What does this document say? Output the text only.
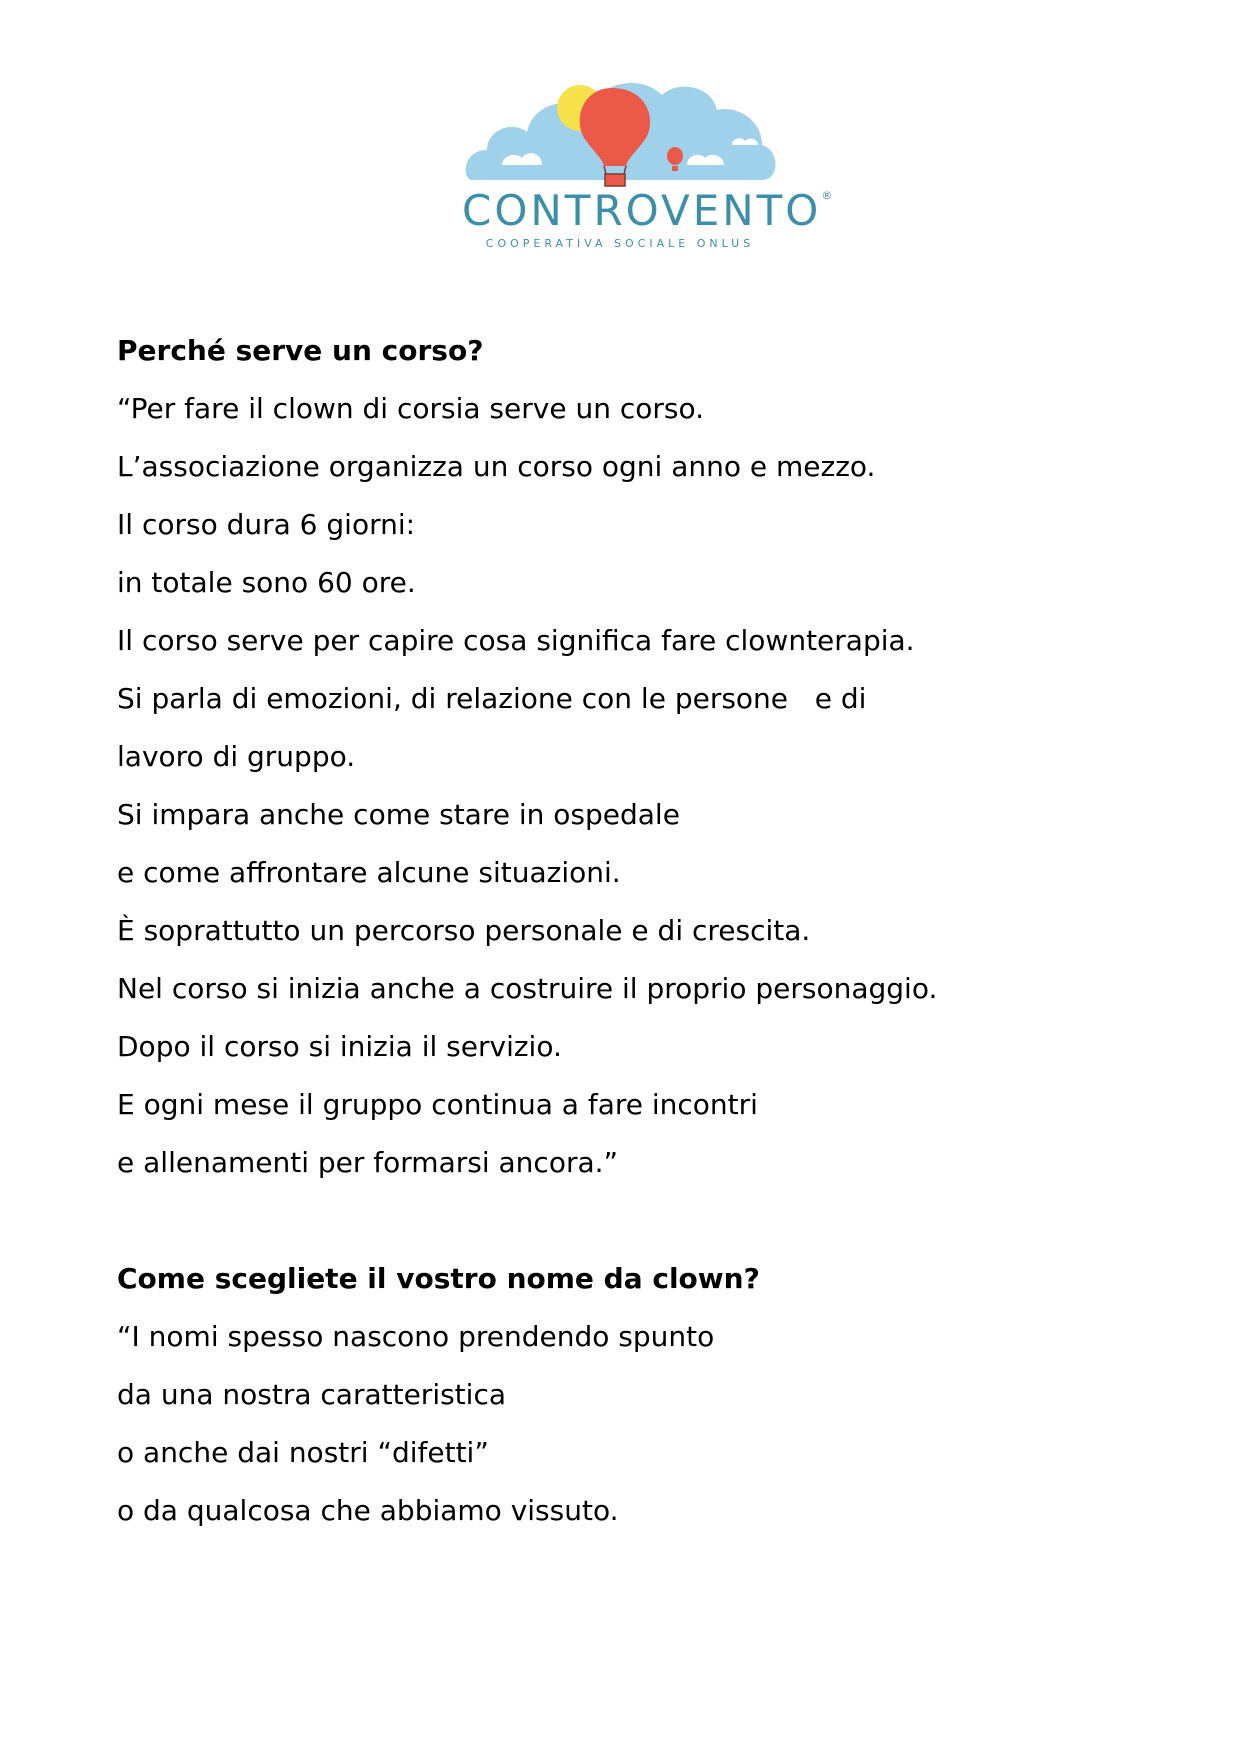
CONTROVENTO®
COOPERATIVA SOCIALE ONLUS
Perché serve un corso?
“Per fare il clown di corsia serve un corso.
L’associazione organizza un corso ogni anno e mezzo.
Il corso dura 6 giorni:
in totale sono 60 ore.
Il corso serve per capire cosa significa fare clownterapia.
Si parla di emozioni, di relazione con le persone   e di
lavoro di gruppo.
Si impara anche come stare in ospedale
e come affrontare alcune situazioni.
È soprattutto un percorso personale e di crescita.
Nel corso si inizia anche a costruire il proprio personaggio.
Dopo il corso si inizia il servizio.
E ogni mese il gruppo continua a fare incontri
e allenamenti per formarsi ancora.”
Come scegliete il vostro nome da clown?
“I nomi spesso nascono prendendo spunto
da una nostra caratteristica
o anche dai nostri “difetti”
o da qualcosa che abbiamo vissuto.
